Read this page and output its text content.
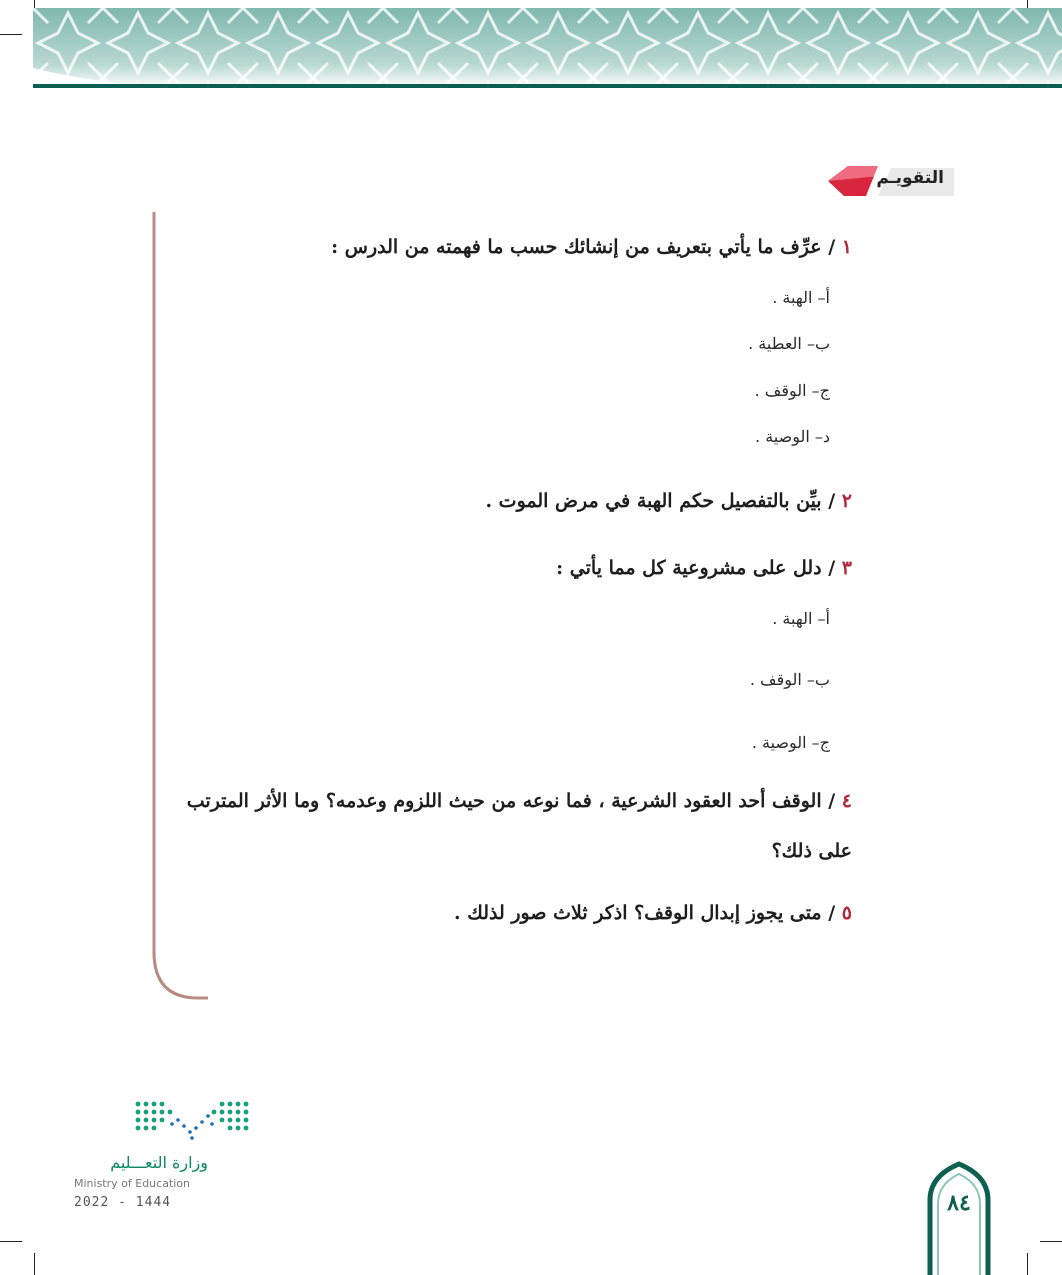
التقويـم
١ / عرِّف ما يأتي بتعريف من إنشائك حسب ما فهمته من الدرس :
أ– الهبة .
ب– العطية .
ج– الوقف .
د– الوصية .
٢ / بيِّن بالتفصيل حكم الهبة في مرض الموت .
٣ / دلل على مشروعية كل مما يأتي :
أ– الهبة .
ب– الوقف .
ج– الوصية .
٤ / الوقف أحد العقود الشرعية ، فما نوعه من حيث اللزوم وعدمه؟ وما الأثر المترتب على ذلك؟
٥ / متى يجوز إبدال الوقف؟ اذكر ثلاث صور لذلك .
وزارة التعـــليم
Ministry of Education
2022 - 1444	٨٤
